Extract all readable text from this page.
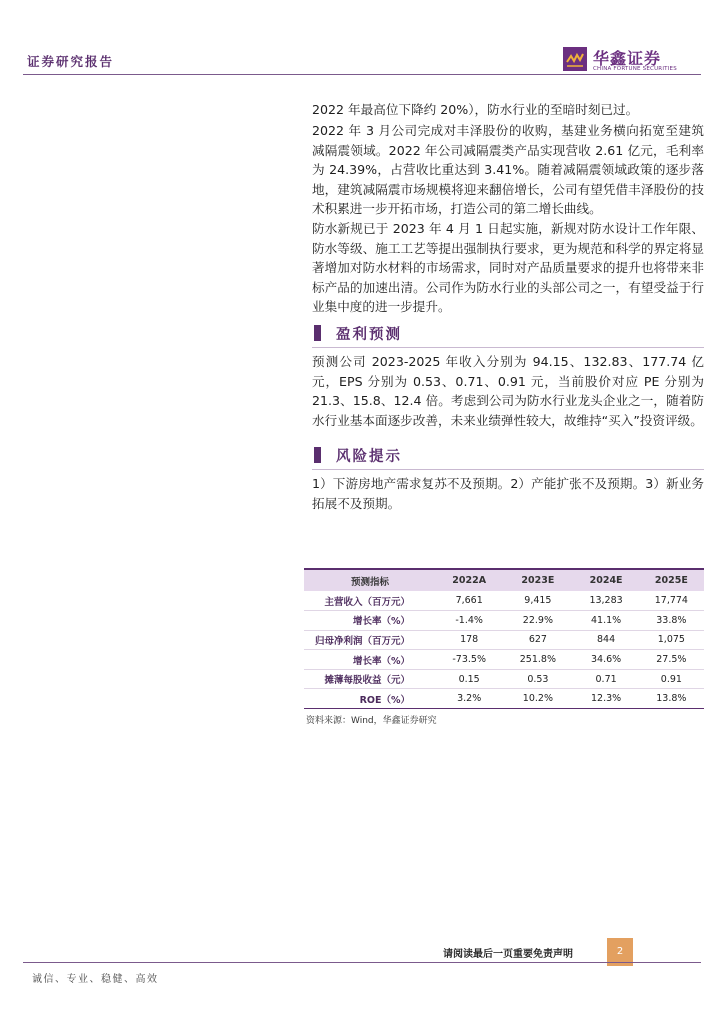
证券研究报告	华鑫证券
CHINA FORTUNE SECURITIES

2022 年最高位下降约 20%），防水行业的至暗时刻已过。

2022 年 3 月公司完成对丰泽股份的收购，基建业务横向拓宽至建筑减隔震领域。2022 年公司减隔震类产品实现营收 2.61 亿元，毛利率为 24.39%，占营收比重达到 3.41%。随着减隔震领域政策的逐步落地，建筑减隔震市场规模将迎来翻倍增长，公司有望凭借丰泽股份的技术积累进一步开拓市场，打造公司的第二增长曲线。

防水新规已于 2023 年 4 月 1 日起实施，新规对防水设计工作年限、防水等级、施工工艺等提出强制执行要求，更为规范和科学的界定将显著增加对防水材料的市场需求，同时对产品质量要求的提升也将带来非标产品的加速出清。公司作为防水行业的头部公司之一，有望受益于行业集中度的进一步提升。

盈利预测

预测公司 2023-2025 年收入分别为 94.15、132.83、177.74 亿元，EPS 分别为 0.53、0.71、0.91 元，当前股价对应 PE 分别为 21.3、15.8、12.4 倍。考虑到公司为防水行业龙头企业之一，随着防水行业基本面逐步改善，未来业绩弹性较大，故维持“买入”投资评级。

风险提示

1）下游房地产需求复苏不及预期。2）产能扩张不及预期。3）新业务拓展不及预期。

预测指标	2022A	2023E	2024E	2025E
主营收入（百万元）	7,661	9,415	13,283	17,774
增长率（%）	-1.4%	22.9%	41.1%	33.8%
归母净利润（百万元）	178	627	844	1,075
增长率（%）	-73.5%	251.8%	34.6%	27.5%
摊薄每股收益（元）	0.15	0.53	0.71	0.91
ROE（%）	3.2%	10.2%	12.3%	13.8%
资料来源：Wind，华鑫证券研究
请阅读最后一页重要免责声明	2
诚信、专业、稳健、高效
